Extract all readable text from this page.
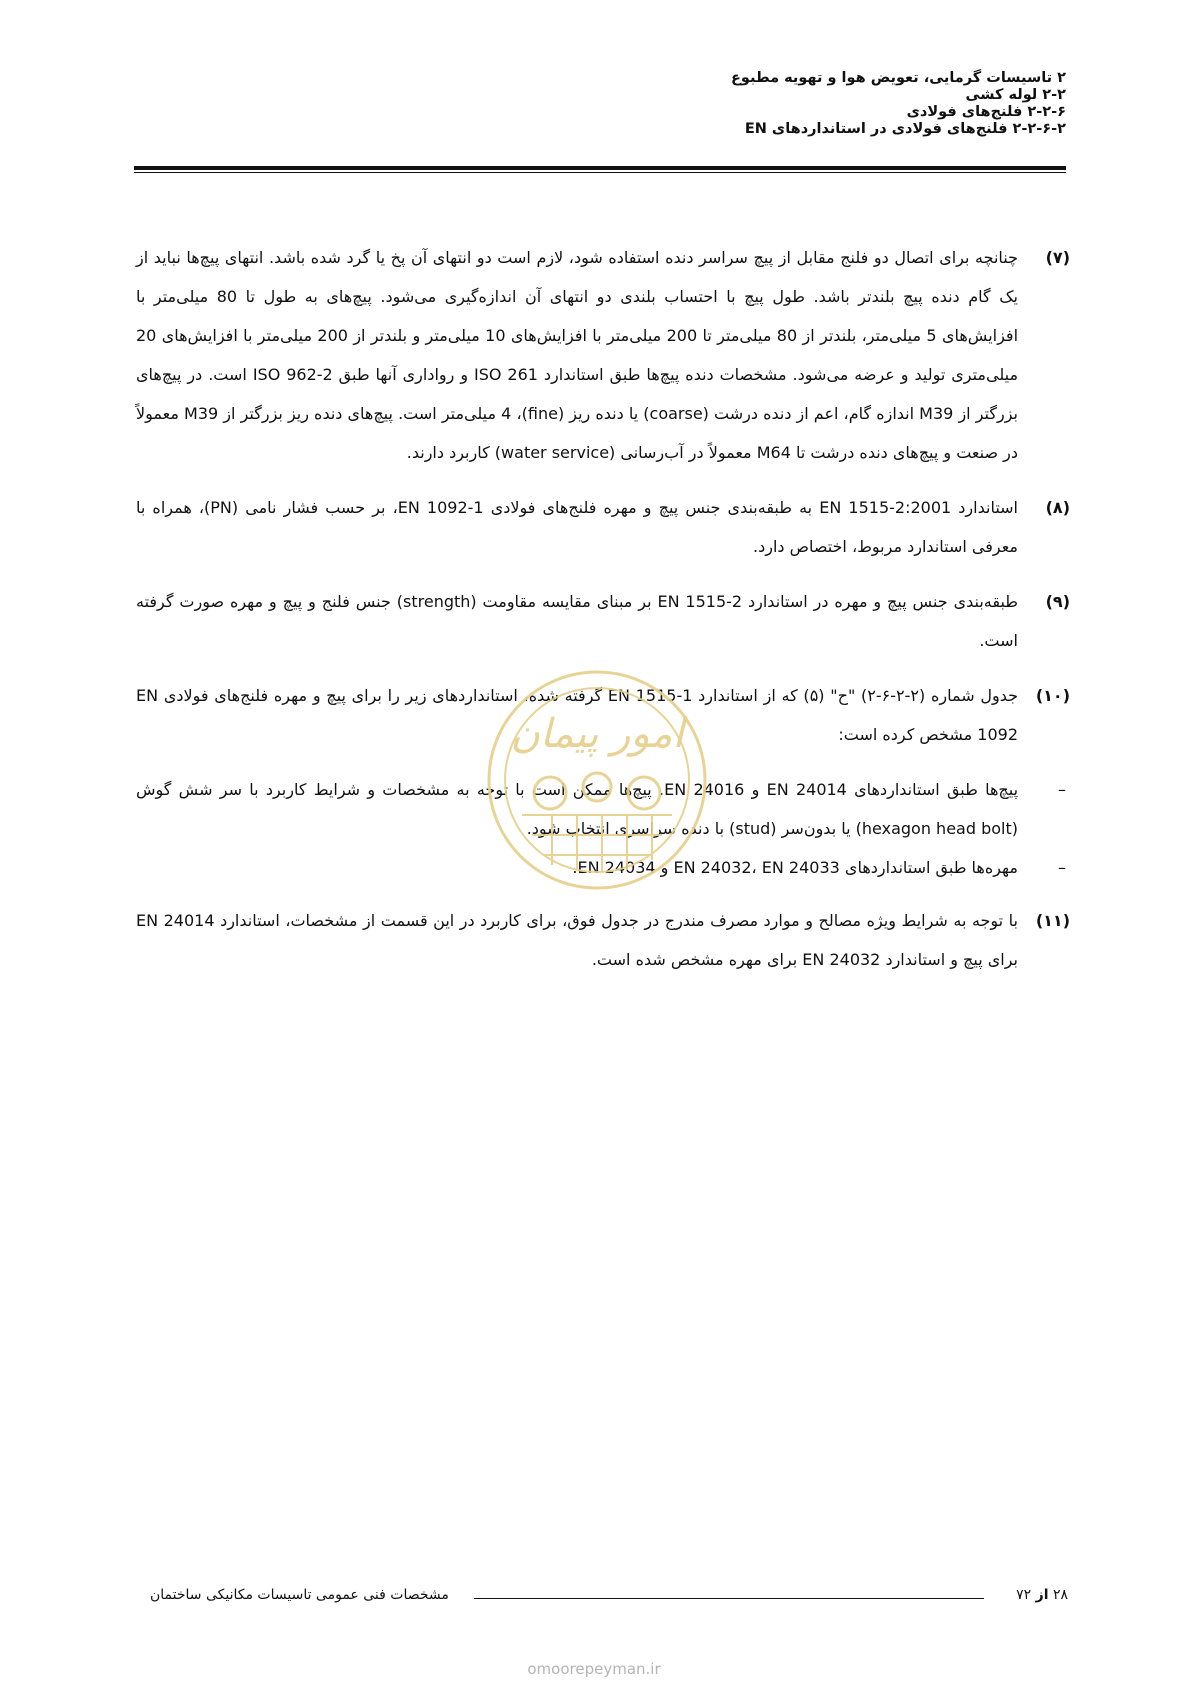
۲ تاسیسات گرمایی، تعویض هوا و تهویه مطبوع
۲-۲ لوله کشی
۲-۲-۶ فلنج‌های فولادی
۲-۲-۶-۲ فلنج‌های فولادی در استانداردهای EN
(۷)
چنانچه برای اتصال دو فلنج مقابل از پیچ سراسر دنده استفاده شود، لازم است دو انتهای آن پخ یا گرد شده باشد. انتهای پیچ‌ها نباید از یک گام دنده پیچ بلندتر باشد. طول پیچ با احتساب بلندی دو انتهای آن اندازه‌گیری می‌شود. پیچ‌های به طول تا 80 میلی‌متر با افزایش‌های 5 میلی‌متر، بلندتر از 80 میلی‌متر تا 200 میلی‌متر با افزایش‌های 10 میلی‌متر و بلندتر از 200 میلی‌متر با افزایش‌های 20 میلی‌متری تولید و عرضه می‌شود. مشخصات دنده پیچ‌ها طبق استاندارد ISO 261 و رواداری آنها طبق ISO 962-2 است. در پیچ‌های بزرگتر از M39 اندازه گام، اعم از دنده درشت (coarse) یا دنده ریز (fine)، 4 میلی‌متر است. پیچ‌های دنده ریز بزرگتر از M39 معمولاً در صنعت و پیچ‌های دنده درشت تا M64 معمولاً در آب‌رسانی (water service) کاربرد دارند.
(۸)
استاندارد EN 1515-2:2001 به طبقه‌بندی جنس پیچ و مهره فلنج‌های فولادی EN 1092-1، بر حسب فشار نامی (PN)، همراه با معرفی استاندارد مربوط، اختصاص دارد.
(۹)
طبقه‌بندی جنس پیچ و مهره در استاندارد EN 1515-2 بر مبنای مقایسه مقاومت (strength) جنس فلنج و پیچ و مهره صورت گرفته است.
(۱۰)
جدول شماره (۲-۲-۶-۲) "ح" (۵) که از استاندارد EN 1515-1 گرفته شده، استانداردهای زیر را برای پیچ و مهره فلنج‌های فولادی EN 1092 مشخص کرده است:
–
پیچ‌ها طبق استانداردهای EN 24014 و EN 24016. پیچ‌ها ممکن است با توجه به مشخصات و شرایط کاربرد با سر شش گوش (hexagon head bolt) یا بدون‌سر (stud) با دنده سراسری انتخاب شود.
–
مهره‌ها طبق استانداردهای EN 24032، EN 24033 و EN 24034.
(۱۱)
با توجه به شرایط ویژه مصالح و موارد مصرف مندرج در جدول فوق، برای کاربرد در این قسمت از مشخصات، استاندارد EN 24014 برای پیچ و استاندارد EN 24032 برای مهره مشخص شده است.
امور پیمان
۲۸ از ۷۲
مشخصات فنی عمومی تاسیسات مکانیکی ساختمان
omoorepeyman.ir
